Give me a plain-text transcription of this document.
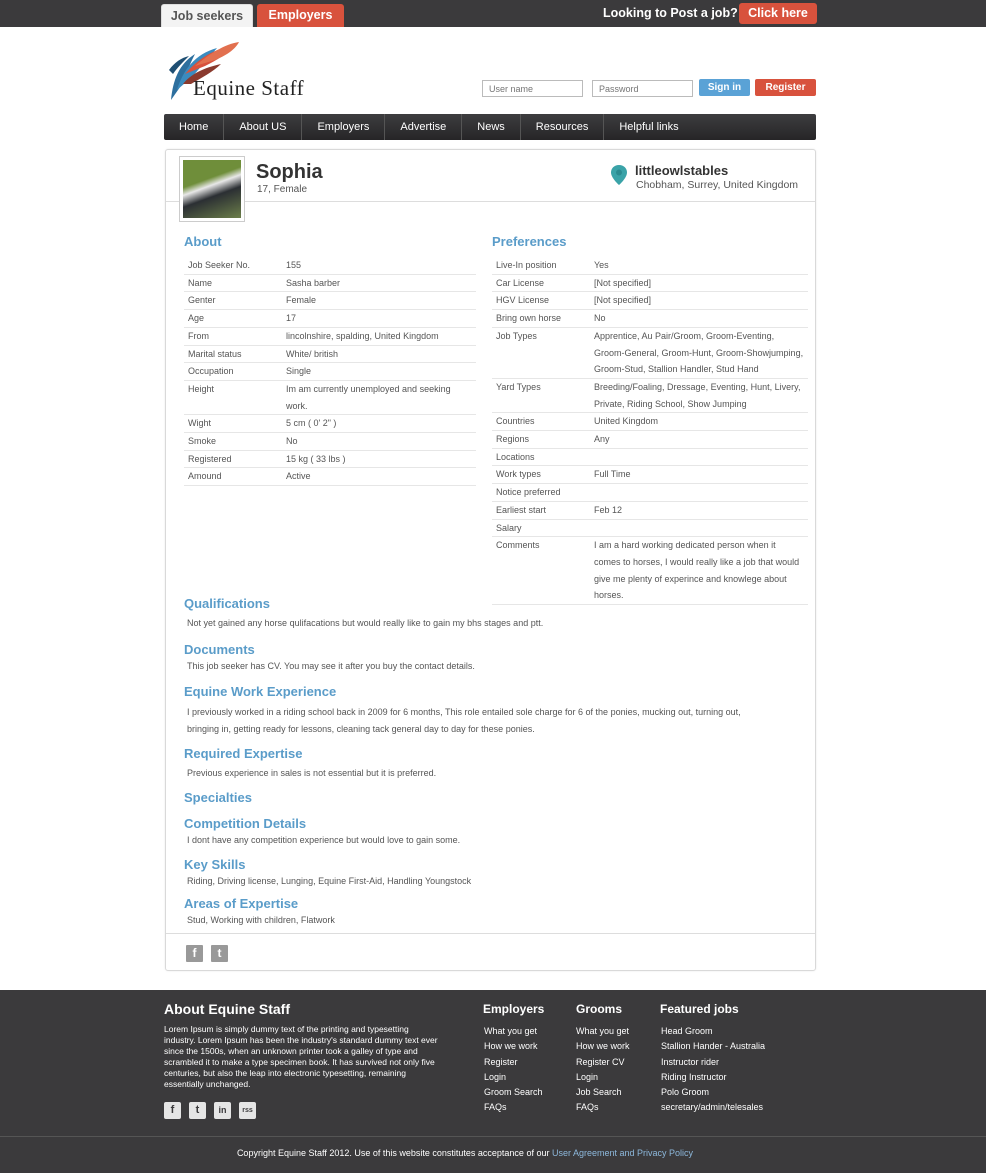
Job seekers	Employers	Looking to Post a job? Click here
Equine Staff
User name	Sign in	Register
Home	About US	Employers	Advertise	News	Resources	Helpful links
Sophia
17, Female
littleowlstables
Chobham, Surrey, United Kingdom
About
Job Seeker No.	155
Name	Sasha barber
Genter	Female
Age	17
From	lincolnshire, spalding, United Kingdom
Marital status	White/ british
Occupation	Single
Height	Im am currently unemployed and seeking work.
Wight	5 cm ( 0' 2" )
Smoke	No
Registered	15 kg ( 33 lbs )
Amound	Active
Preferences
Live-In position	Yes
Car License	[Not specified]
HGV License	[Not specified]
Bring own horse	No
Job Types	Apprentice, Au Pair/Groom, Groom-Eventing, Groom-General, Groom-Hunt, Groom-Showjumping, Groom-Stud, Stallion Handler, Stud Hand
Yard Types	Breeding/Foaling, Dressage, Eventing, Hunt, Livery, Private, Riding School, Show Jumping
Countries	United Kingdom
Regions	Any
Locations	
Work types	Full Time
Notice preferred	
Earliest start	Feb 12
Salary	
Comments	I am a hard working dedicated person when it comes to horses, I would really like a job that would give me plenty of experince and knowlege about horses.
Qualifications
Not yet gained any horse qulifacations but would really like to gain my bhs stages and ptt.
Documents
This job seeker has CV. You may see it after you buy the contact details.
Equine Work Experience
I previously worked in a riding school back in 2009 for 6 months, This role entailed sole charge for 6 of the ponies, mucking out, turning out, bringing in, getting ready for lessons, cleaning tack general day to day for these ponies.
Required Expertise
Previous experience in sales is not essential but it is preferred.
Specialties
Competition Details
I dont have any competition experience but would love to gain some.
Key Skills
Riding, Driving license, Lunging, Equine First-Aid, Handling Youngstock
Areas of Expertise
Stud, Working with children, Flatwork
f	t
About Equine Staff
Lorem Ipsum is simply dummy text of the printing and typesetting industry. Lorem Ipsum has been the industry's standard dummy text ever since the 1500s, when an unknown printer took a galley of type and scrambled it to make a type specimen book. It has survived not only five centuries, but also the leap into electronic typesetting, remaining essentially unchanged.
f	t	in	rss
Employers
What you get
How we work
Register
Login
Groom Search
FAQs
Grooms
What you get
How we work
Register CV
Login
Job Search
FAQs
Featured jobs
Head Groom
Stallion Hander - Australia
Instructor rider
Riding Instructor
Polo Groom
secretary/admin/telesales
Copyright Equine Staff 2012. Use of this website constitutes acceptance of our User Agreement and Privacy Policy
